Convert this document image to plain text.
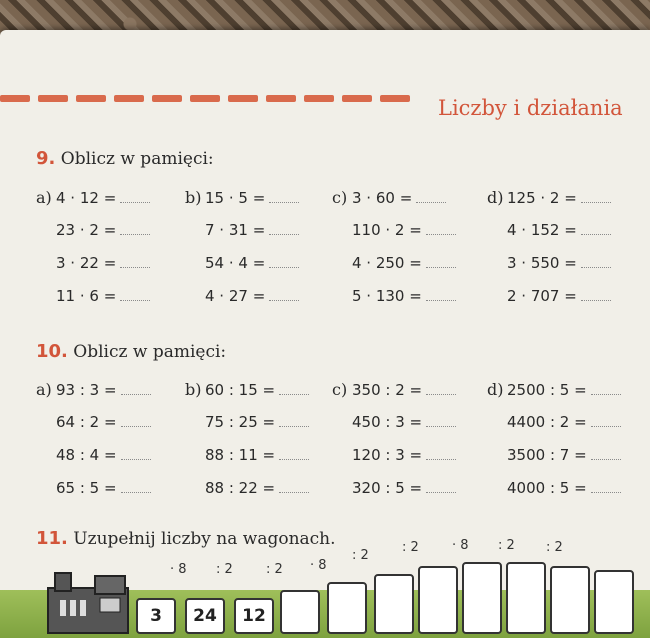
Liczby i działania
9. Oblicz w pamięci:
a) 4 · 12 =
23 · 2 =
3 · 22 =
11 · 6 =
b) 15 · 5 =
7 · 31 =
54 · 4 =
4 · 27 =
c) 3 · 60 =
110 · 2 =
4 · 250 =
5 · 130 =
d) 125 · 2 =
4 · 152 =
3 · 550 =
2 · 707 =
10. Oblicz w pamięci:
a) 93 : 3 =
64 : 2 =
48 : 4 =
65 : 5 =
b) 60 : 15 =
75 : 25 =
88 : 11 =
88 : 22 =
c) 350 : 2 =
450 : 3 =
120 : 3 =
320 : 5 =
d) 2500 : 5 =
4400 : 2 =
3500 : 7 =
4000 : 5 =
11. Uzupełnij liczby na wagonach.
3	24	12
· 8 : 2	: 2 · 8
: 2
: 2	· 8 : 2 : 2
